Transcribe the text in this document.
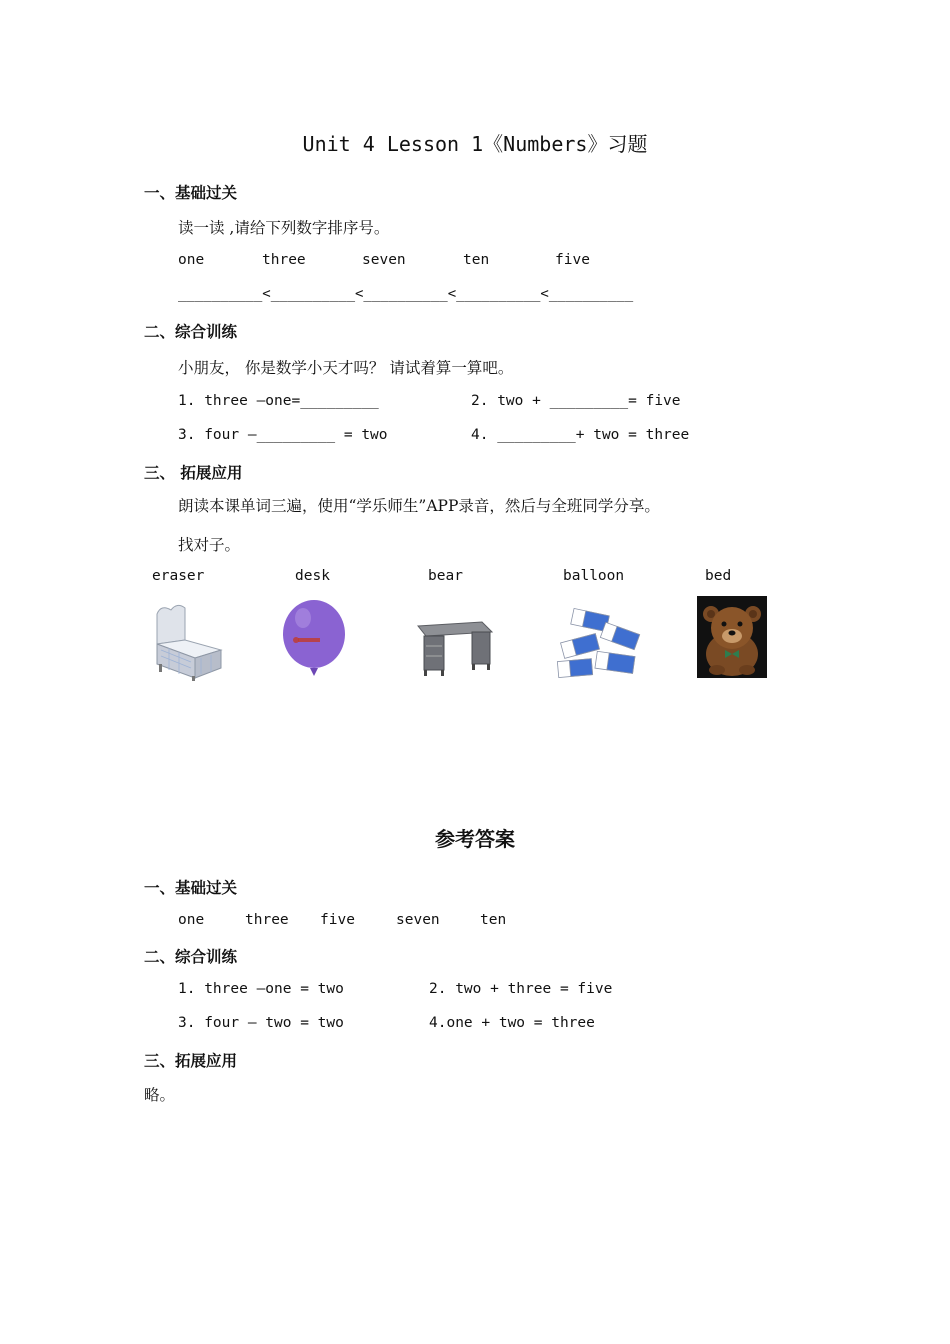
Unit 4 Lesson 1《Numbers》习题
一、基础过关
读一读 ,请给下列数字排序号。
one	three	seven	ten	five
__________<__________<__________<__________<__________
二、综合训练
小朋友， 你是数学小天才吗？ 请试着算一算吧。
1. three —one=_________	2. two + _________= five
3. four —_________ = two	4. _________+ two = three
三、 拓展应用
朗读本课单词三遍，使用“学乐师生”APP录音，然后与全班同学分享。
找对子。
eraser	desk	bear	balloon	bed
参考答案
一、基础过关
one	three five	seven	ten
二、综合训练
1. three —one = two	2. two + three = five
3. four — two = two	4.one + two = three
三、拓展应用
略。
